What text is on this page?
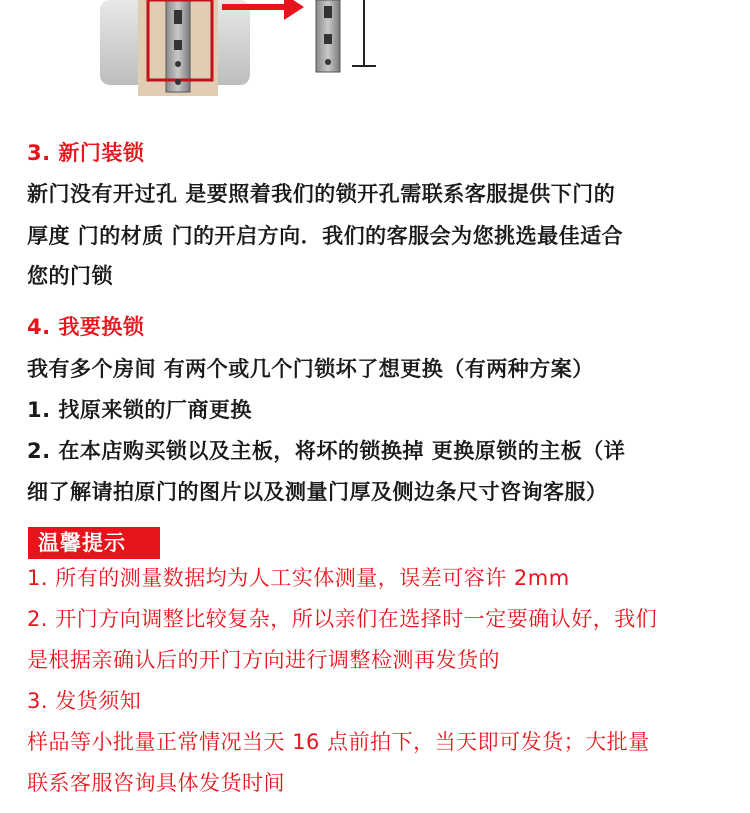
3. 新门装锁
新门没有开过孔 是要照着我们的锁开孔需联系客服提供下门的
厚度 门的材质 门的开启方向．我们的客服会为您挑选最佳适合
您的门锁
4. 我要换锁
我有多个房间 有两个或几个门锁坏了想更换（有两种方案）
1. 找原来锁的厂商更换
2. 在本店购买锁以及主板，将坏的锁换掉 更换原锁的主板（详
细了解请拍原门的图片以及测量门厚及侧边条尺寸咨询客服）
温馨提示
1. 所有的测量数据均为人工实体测量，误差可容许 2mm
2. 开门方向调整比较复杂，所以亲们在选择时一定要确认好，我们
是根据亲确认后的开门方向进行调整检测再发货的
3. 发货须知
样品等小批量正常情况当天 16 点前拍下，当天即可发货；大批量
联系客服咨询具体发货时间
